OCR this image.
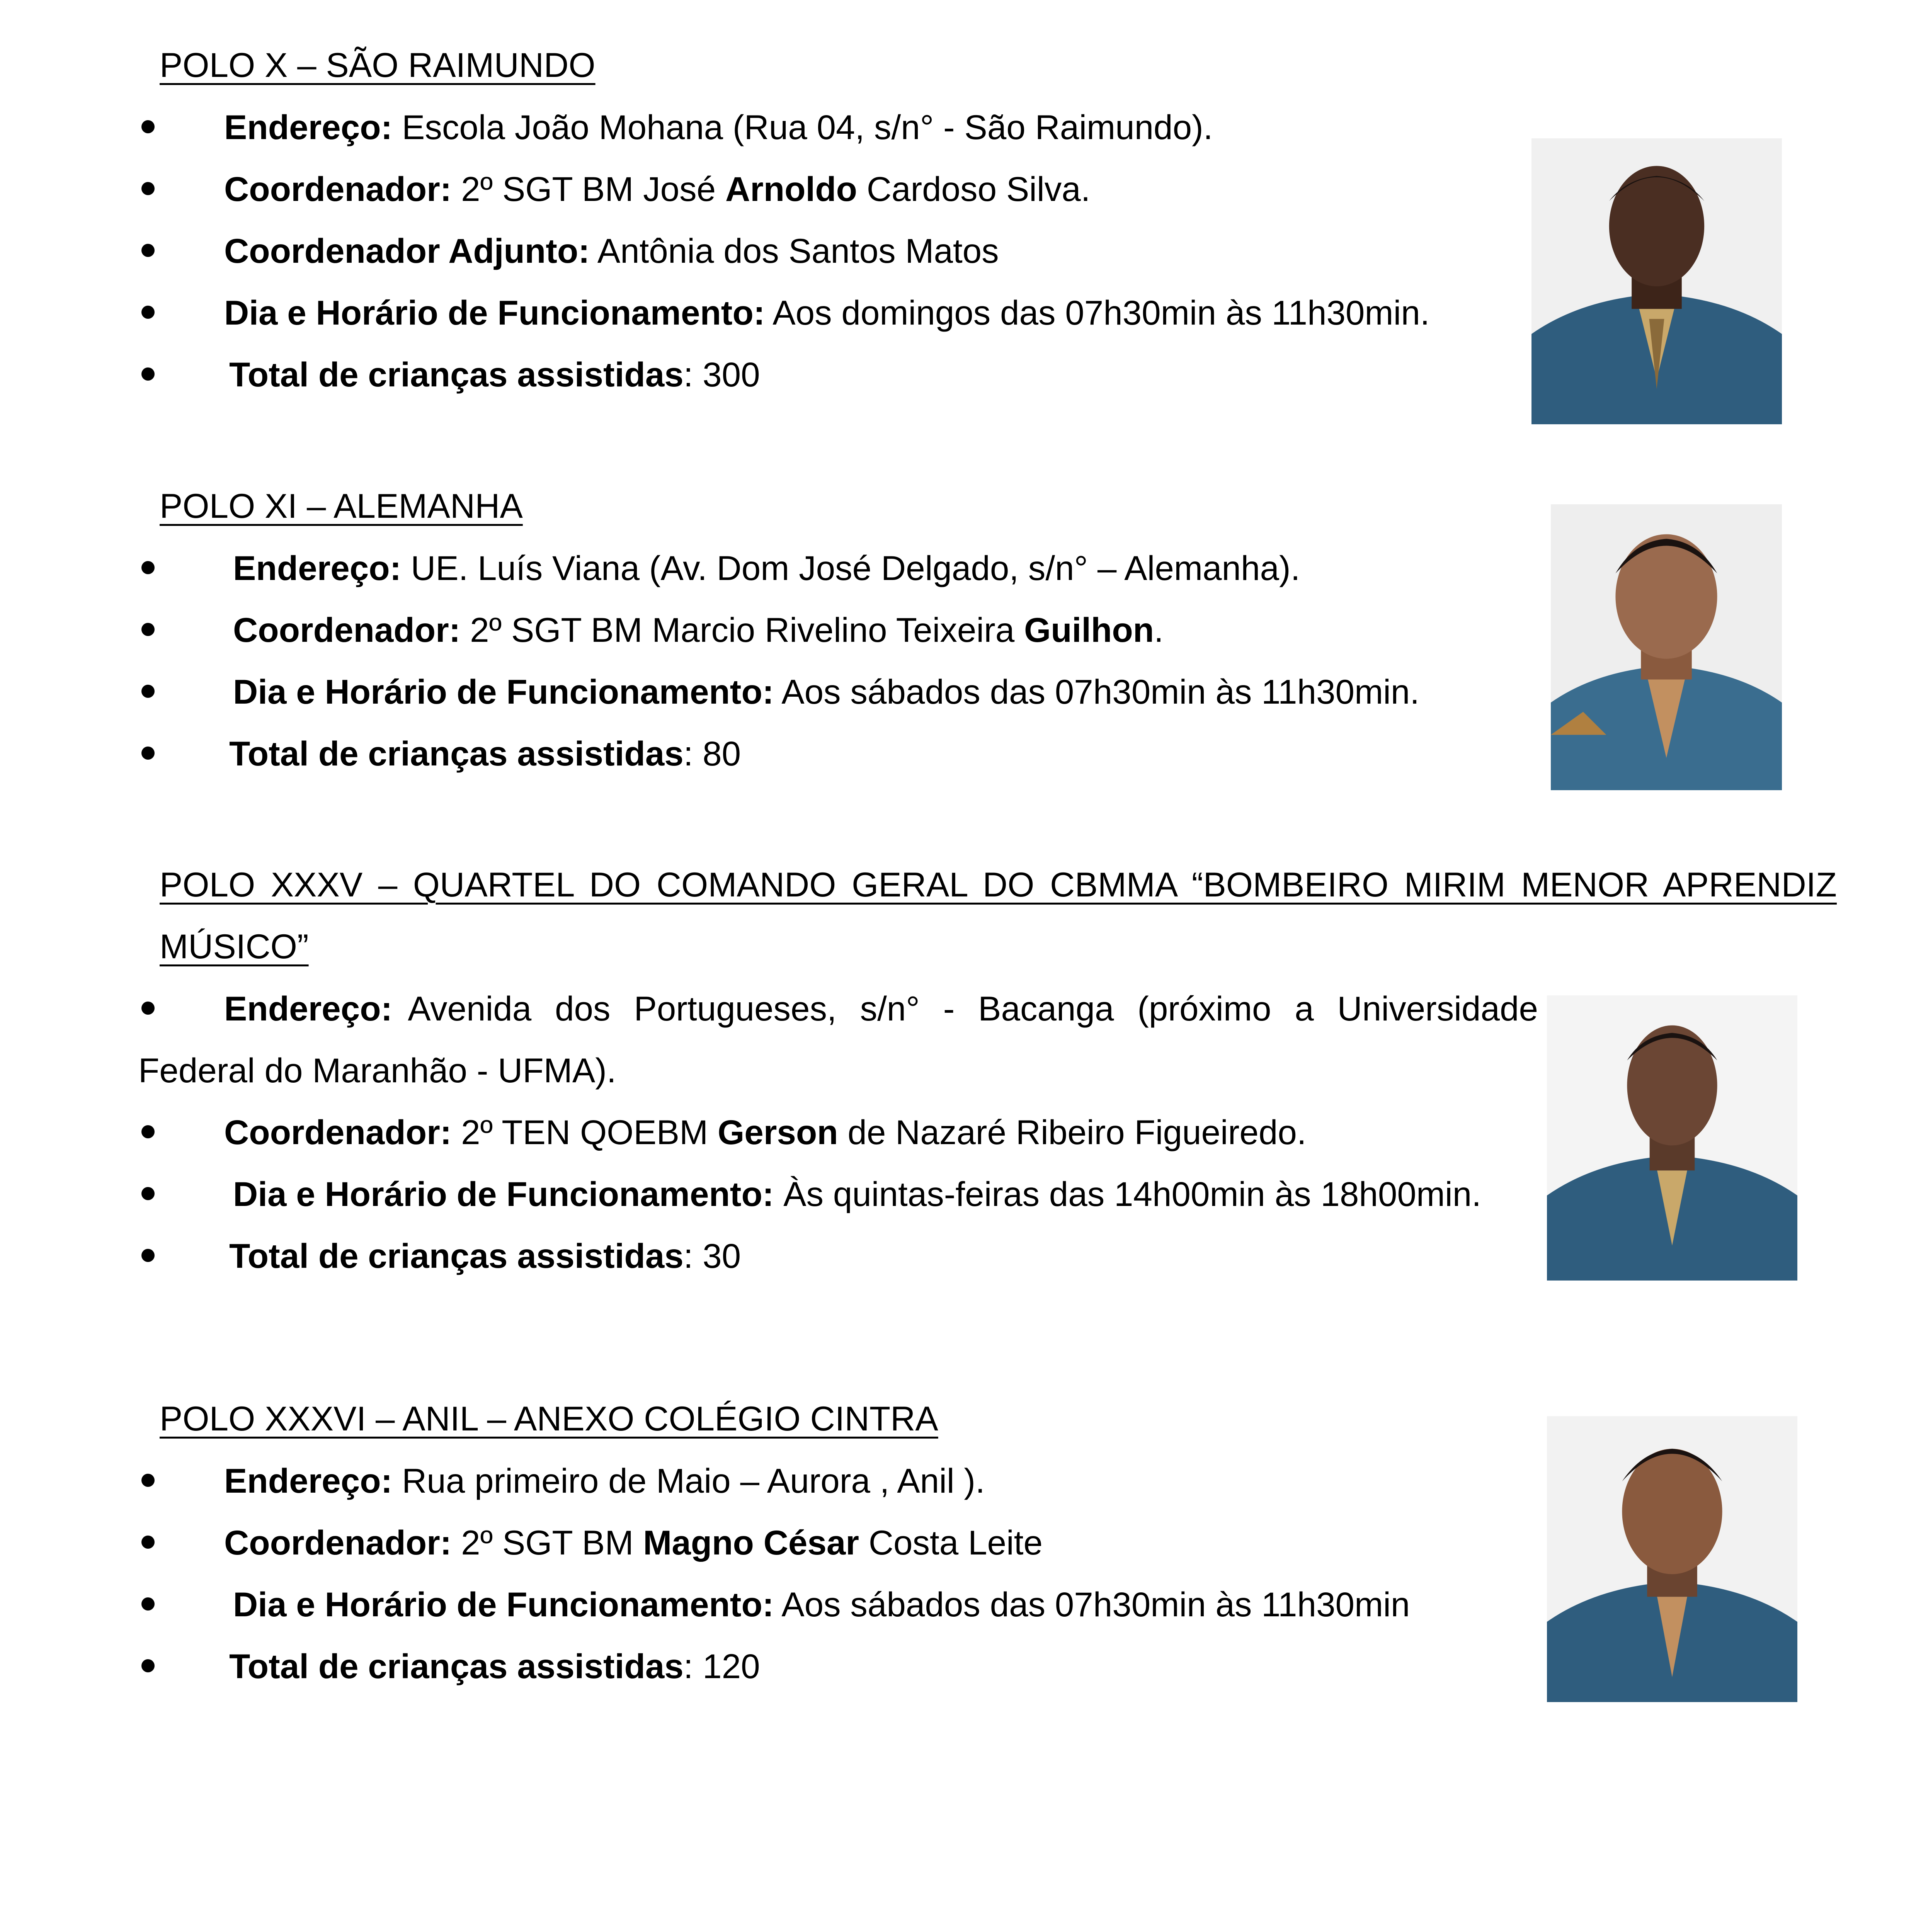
POLO X – SÃO RAIMUNDO
Endereço: Escola João Mohana (Rua 04, s/n° - São Raimundo).
Coordenador: 2º SGT BM José Arnoldo Cardoso Silva.
Coordenador Adjunto: Antônia dos Santos Matos
Dia e Horário de Funcionamento: Aos domingos das 07h30min às 11h30min.
Total de crianças assistidas: 300
POLO XI – ALEMANHA
Endereço: UE. Luís Viana (Av. Dom José Delgado, s/n° – Alemanha).
Coordenador: 2º SGT BM Marcio Rivelino Teixeira Guilhon.
Dia e Horário de Funcionamento: Aos sábados das 07h30min às 11h30min.
Total de crianças assistidas: 80
POLO XXXV – QUARTEL DO COMANDO GERAL DO CBMMA “BOMBEIRO MIRIM MENOR APRENDIZ
MÚSICO”
Endereço: Avenida dos Portugueses, s/n° - Bacanga (próximo a Universidade
Federal do Maranhão - UFMA).
Coordenador: 2º TEN QOEBM Gerson de Nazaré Ribeiro Figueiredo.
Dia e Horário de Funcionamento: Às quintas-feiras das 14h00min às 18h00min.
Total de crianças assistidas: 30
POLO XXXVI – ANIL – ANEXO COLÉGIO CINTRA
Endereço: Rua primeiro de Maio – Aurora , Anil ).
Coordenador: 2º SGT BM Magno César Costa Leite
Dia e Horário de Funcionamento: Aos sábados das 07h30min às 11h30min
Total de crianças assistidas: 120
